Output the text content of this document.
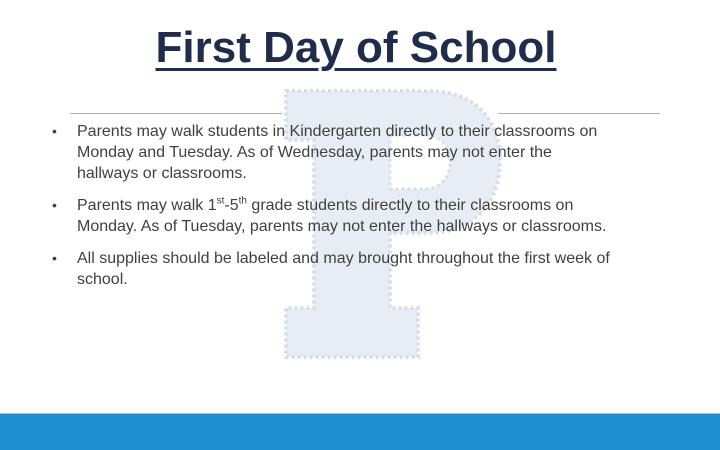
First Day of School
• Parents may walk students in Kindergarten directly to their classrooms on Monday and Tuesday. As of Wednesday, parents may not enter the hallways or classrooms.
• Parents may walk 1st-5th grade students directly to their classrooms on Monday. As of Tuesday, parents may not enter the hallways or classrooms.
• All supplies should be labeled and may brought throughout the first week of school.
